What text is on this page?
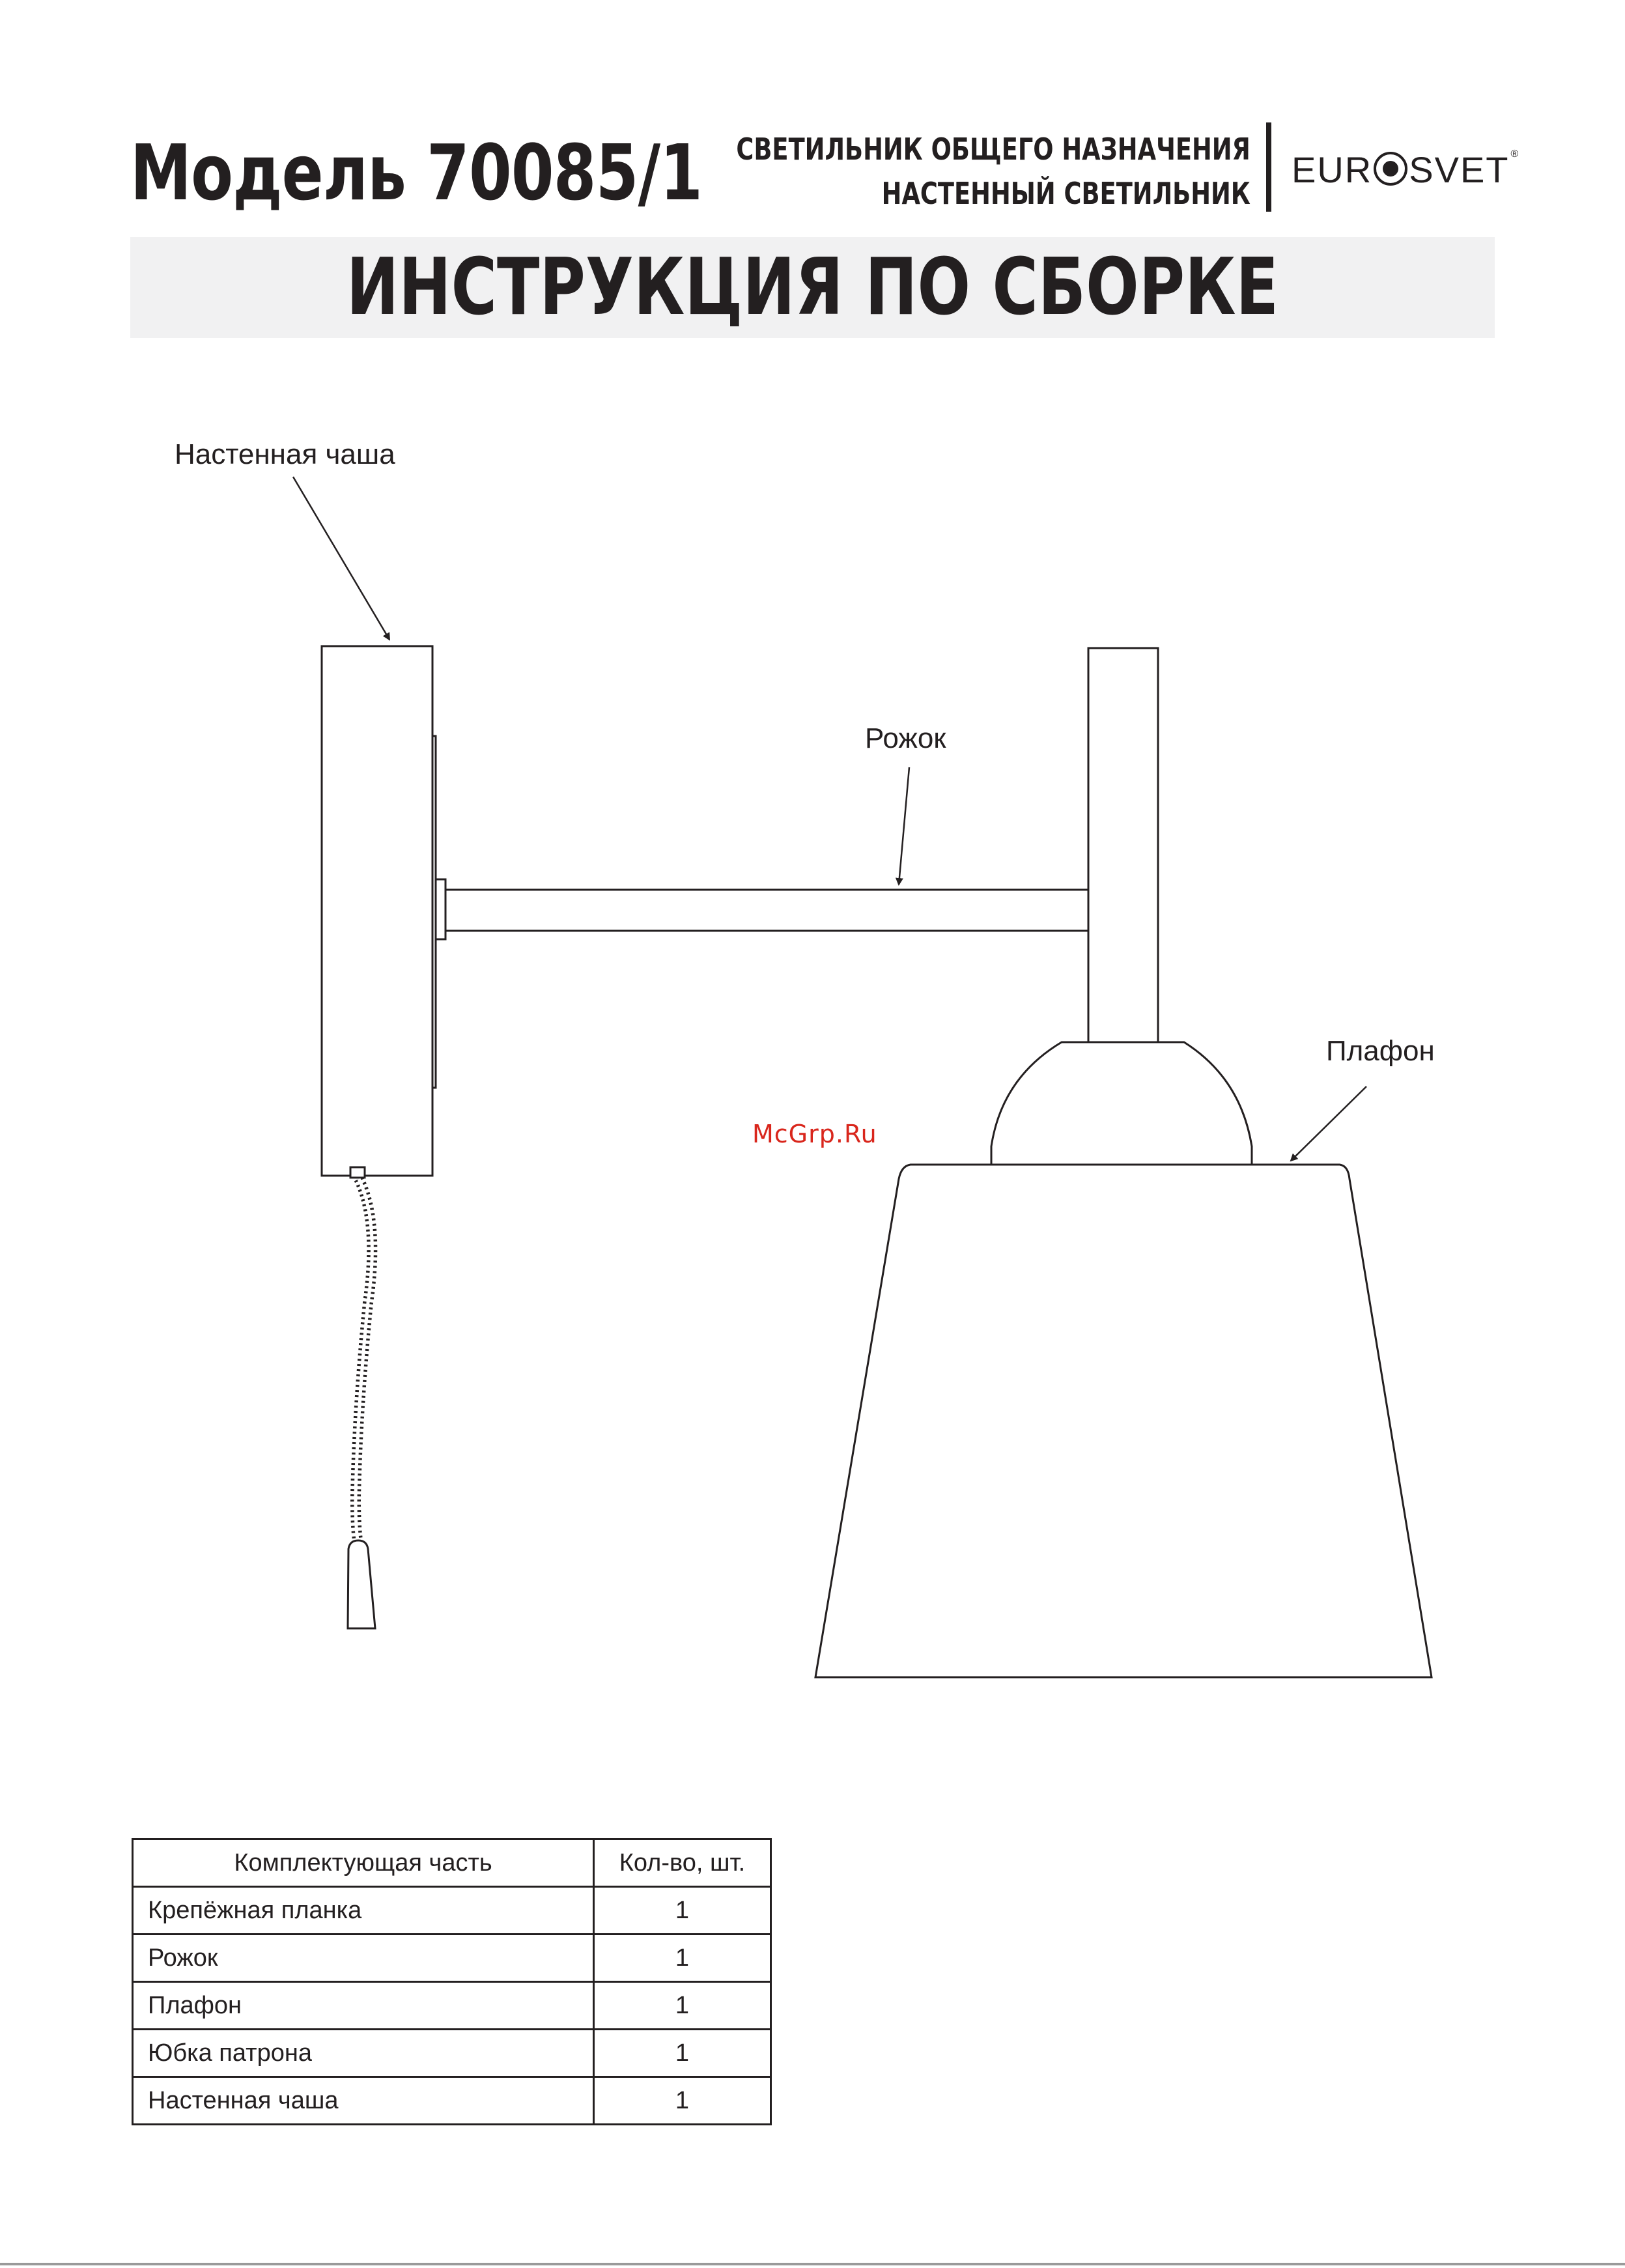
Модель 70085/1 СВЕТИЛЬНИК ОБЩЕГО НАЗНАЧЕНИЯ
НАСТЕННЫЙ СВЕТИЛЬНИК
EUR SVET ®
ИНСТРУКЦИЯ ПО СБОРКЕ
Настенная чаша
Рожок
Плафон
McGrp.Ru
Комплектующая часть	Кол-во, шт.
Крепёжная планка	1
Рожок	1
Плафон	1
Юбка патрона	1
Настенная чаша	1
